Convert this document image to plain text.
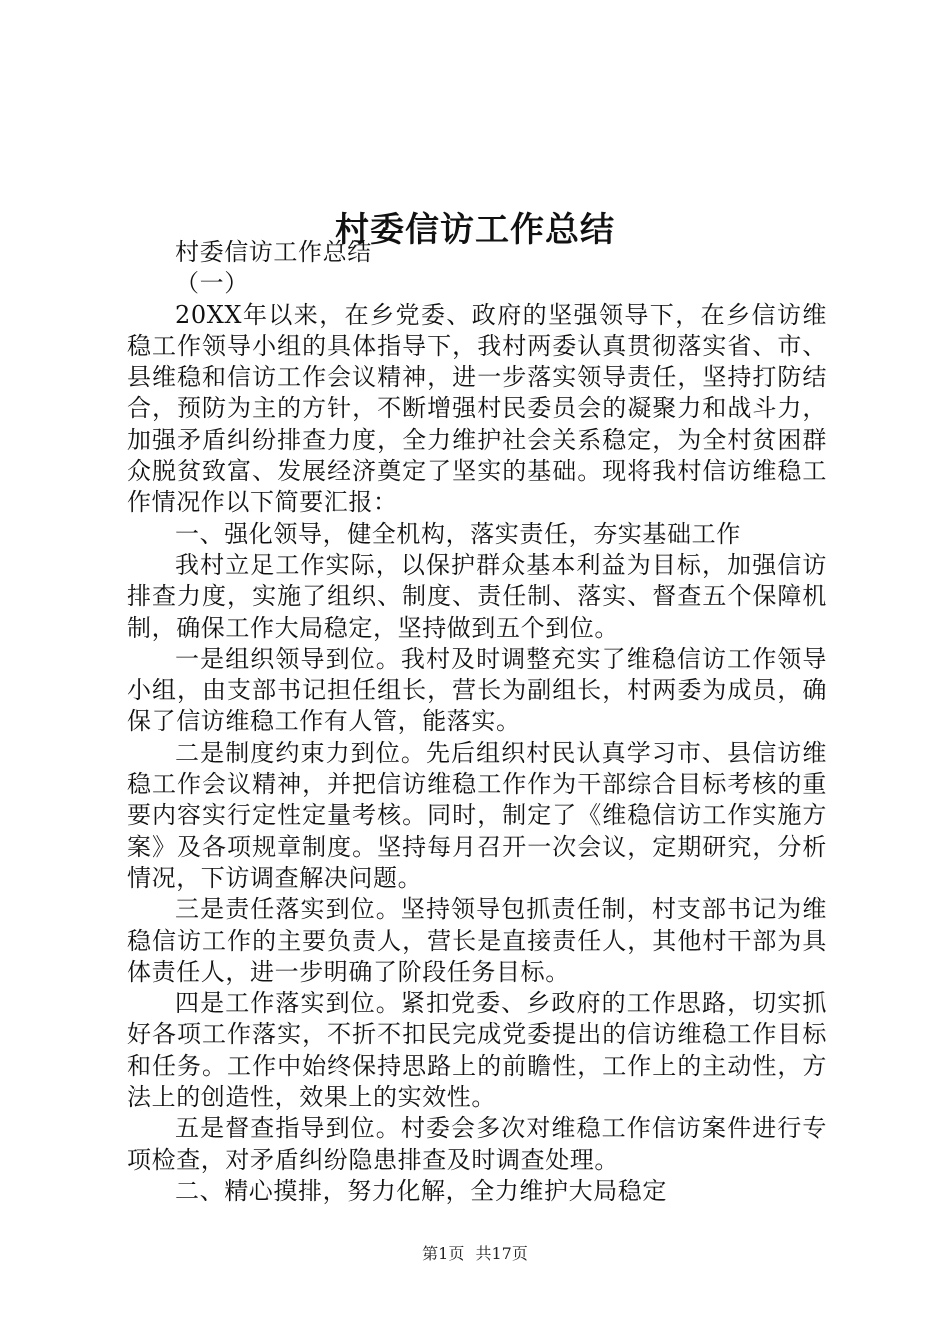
村委信访工作总结

村委信访工作总结

（一）

20XX年以来，在乡党委、政府的坚强领导下，在乡信访维稳工作领导小组的具体指导下，我村两委认真贯彻落实省、市、县维稳和信访工作会议精神，进一步落实领导责任，坚持打防结合，预防为主的方针，不断增强村民委员会的凝聚力和战斗力，加强矛盾纠纷排查力度，全力维护社会关系稳定，为全村贫困群众脱贫致富、发展经济奠定了坚实的基础。现将我村信访维稳工作情况作以下简要汇报：

一、强化领导，健全机构，落实责任，夯实基础工作

我村立足工作实际，以保护群众基本利益为目标，加强信访排查力度，实施了组织、制度、责任制、落实、督查五个保障机制，确保工作大局稳定，坚持做到五个到位。

一是组织领导到位。我村及时调整充实了维稳信访工作领导小组，由支部书记担任组长，营长为副组长，村两委为成员，确保了信访维稳工作有人管，能落实。

二是制度约束力到位。先后组织村民认真学习市、县信访维稳工作会议精神，并把信访维稳工作作为干部综合目标考核的重要内容实行定性定量考核。同时，制定了《维稳信访工作实施方案》及各项规章制度。坚持每月召开一次会议，定期研究，分析情况，下访调查解决问题。

三是责任落实到位。坚持领导包抓责任制，村支部书记为维稳信访工作的主要负责人，营长是直接责任人，其他村干部为具体责任人，进一步明确了阶段任务目标。

四是工作落实到位。紧扣党委、乡政府的工作思路，切实抓好各项工作落实，不折不扣民完成党委提出的信访维稳工作目标和任务。工作中始终保持思路上的前瞻性，工作上的主动性，方法上的创造性，效果上的实效性。

五是督查指导到位。村委会多次对维稳工作信访案件进行专项检查，对矛盾纠纷隐患排查及时调查处理。

二、精心摸排，努力化解，全力维护大局稳定

第1页 共17页
